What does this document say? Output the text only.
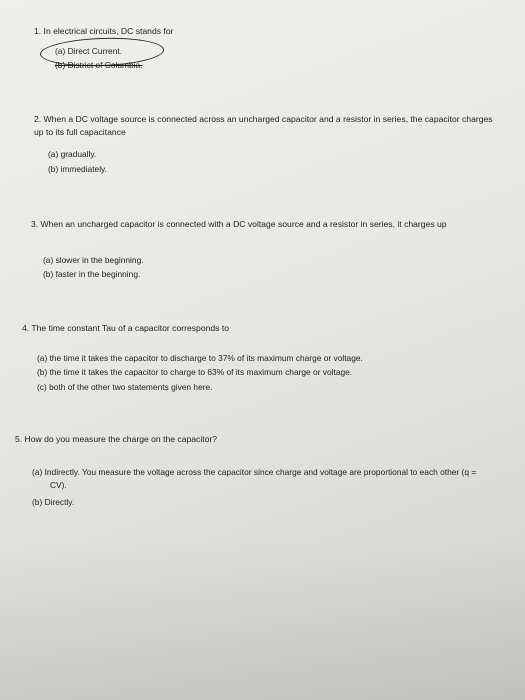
1. In electrical circuits, DC stands for
(a) Direct Current.
(b) District of Columbia.
2. When a DC voltage source is connected across an uncharged capacitor and a resistor in series, the capacitor charges up to its full capacitance
(a) gradually.
(b) immediately.
3. When an uncharged capacitor is connected with a DC voltage source and a resistor in series, it charges up
(a) slower in the beginning.
(b) faster in the beginning.
4. The time constant Tau of a capacitor corresponds to
(a) the time it takes the capacitor to discharge to 37% of its maximum charge or voltage.
(b) the time it takes the capacitor to charge to 63% of its maximum charge or voltage.
(c) both of the other two statements given here.
5. How do you measure the charge on the capacitor?
(a) Indirectly. You measure the voltage across the capacitor since charge and voltage are proportional to each other (q = CV).
(b) Directly.
